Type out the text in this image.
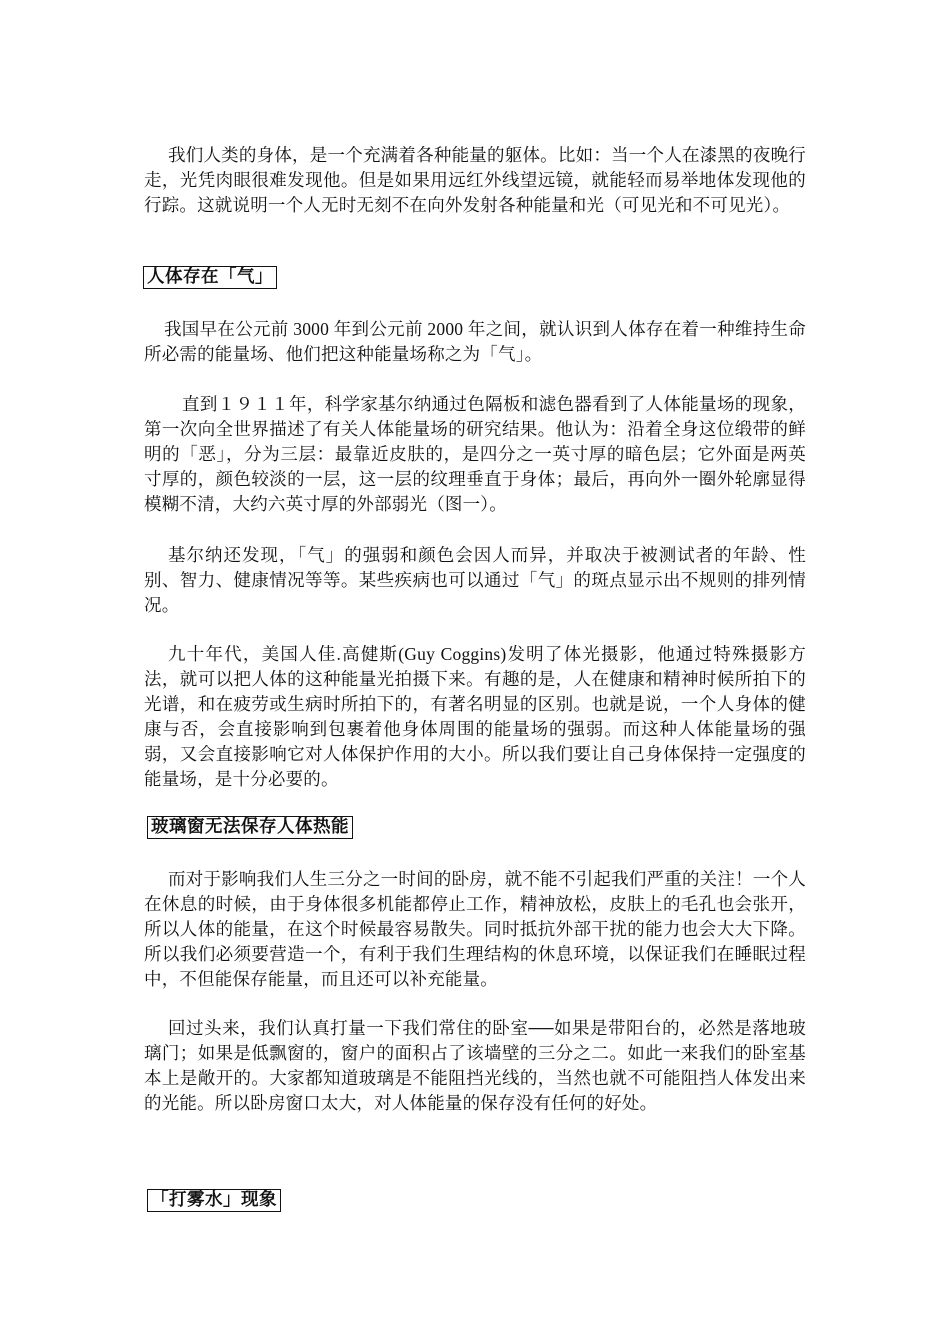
我们人类的身体，是一个充满着各种能量的躯体。比如：当一个人在漆黑的夜晚行走，光凭肉眼很难发现他。但是如果用远红外线望远镜，就能轻而易举地体发现他的行踪。这就说明一个人无时无刻不在向外发射各种能量和光（可见光和不可见光）。

人体存在「气」

我国早在公元前 3000 年到公元前 2000 年之间，就认识到人体存在着一种维持生命所必需的能量场、他们把这种能量场称之为「气」。

直到１９１１年，科学家基尔纳通过色隔板和滤色器看到了人体能量场的现象，第一次向全世界描述了有关人体能量场的研究结果。他认为：沿着全身这位缎带的鲜明的「恶」，分为三层：最靠近皮肤的，是四分之一英寸厚的暗色层；它外面是两英寸厚的，颜色较淡的一层，这一层的纹理垂直于身体；最后，再向外一圈外轮廓显得模糊不清，大约六英寸厚的外部弱光（图一）。

基尔纳还发现，「气」的强弱和颜色会因人而异，并取决于被测试者的年龄、性别、智力、健康情况等等。某些疾病也可以通过「气」的斑点显示出不规则的排列情况。

九十年代，美国人佳.高健斯(Guy Coggins)发明了体光摄影，他通过特殊摄影方法，就可以把人体的这种能量光拍摄下来。有趣的是，人在健康和精神时候所拍下的光谱，和在疲劳或生病时所拍下的，有著名明显的区别。也就是说，一个人身体的健康与否，会直接影响到包裹着他身体周围的能量场的强弱。而这种人体能量场的强弱，又会直接影响它对人体保护作用的大小。所以我们要让自己身体保持一定强度的能量场，是十分必要的。

玻璃窗无法保存人体热能

而对于影响我们人生三分之一时间的卧房，就不能不引起我们严重的关注！一个人在休息的时候，由于身体很多机能都停止工作，精神放松，皮肤上的毛孔也会张开，所以人体的能量，在这个时候最容易散失。同时抵抗外部干扰的能力也会大大下降。所以我们必须要营造一个，有利于我们生理结构的休息环境，以保证我们在睡眠过程中，不但能保存能量，而且还可以补充能量。

回过头来，我们认真打量一下我们常住的卧室──如果是带阳台的，必然是落地玻璃门；如果是低飘窗的，窗户的面积占了该墙壁的三分之二。如此一来我们的卧室基本上是敞开的。大家都知道玻璃是不能阻挡光线的，当然也就不可能阻挡人体发出来的光能。所以卧房窗口太大，对人体能量的保存没有任何的好处。

「打雾水」现象
